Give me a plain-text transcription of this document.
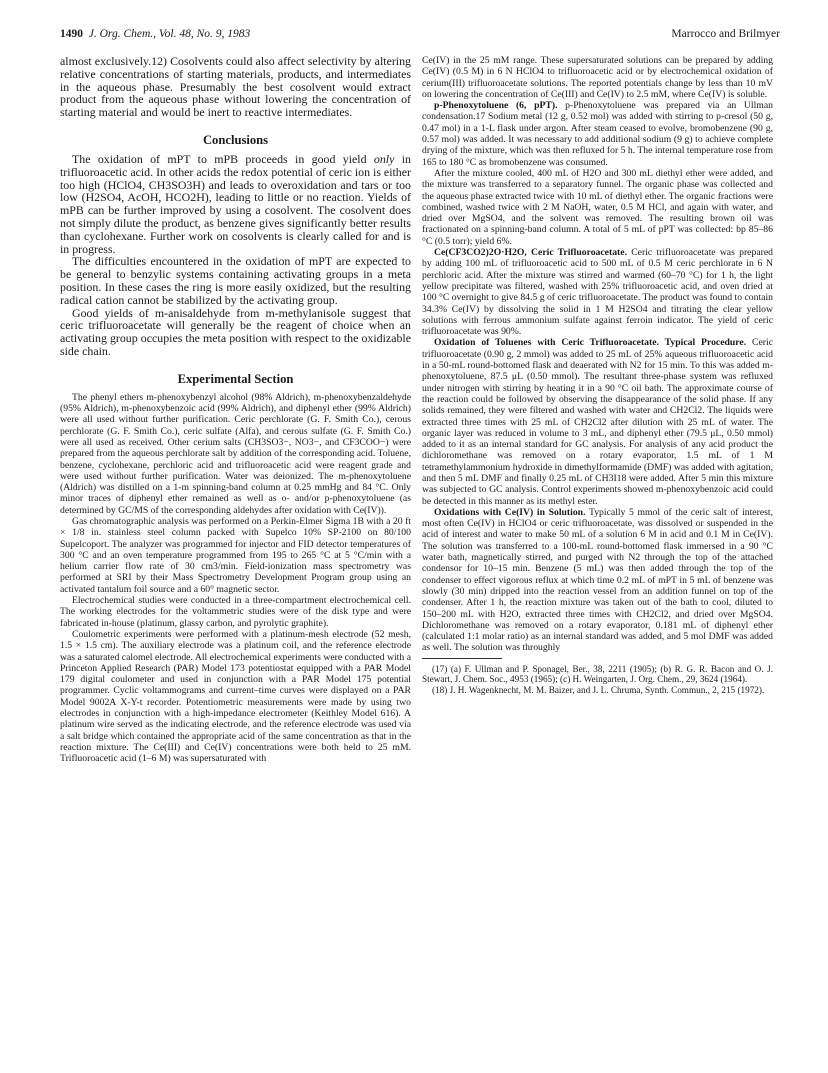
1490 J. Org. Chem., Vol. 48, No. 9, 1983	Marrocco and Brilmyer

almost exclusively.12) Cosolvents could also affect selectivity by altering relative concentrations of starting materials, products, and intermediates in the aqueous phase. Presumably the best cosolvent would extract product from the aqueous phase without lowering the concentration of starting material and would be inert to reactive intermediates.

Conclusions

The oxidation of mPT to mPB proceeds in good yield only in trifluoroacetic acid. In other acids the redox potential of ceric ion is either too high (HClO4, CH3SO3H) and leads to overoxidation and tars or too low (H2SO4, AcOH, HCO2H), leading to little or no reaction. Yields of mPB can be further improved by using a cosolvent. The cosolvent does not simply dilute the product, as benzene gives significantly better results than cyclohexane. Further work on cosolvents is clearly called for and is in progress.

The difficulties encountered in the oxidation of mPT are expected to be general to benzylic systems containing activating groups in a meta position. In these cases the ring is more easily oxidized, but the resulting radical cation cannot be stabilized by the activating group.

Good yields of m-anisaldehyde from m-methylanisole suggest that ceric trifluoroacetate will generally be the reagent of choice when an activating group occupies the meta position with respect to the oxidizable side chain.

Experimental Section

The phenyl ethers m-phenoxybenzyl alcohol (98% Aldrich), m-phenoxybenzaldehyde (95% Aldrich), m-phenoxybenzoic acid (99% Aldrich), and diphenyl ether (99% Aldrich) were all used without further purification. Ceric perchlorate (G. F. Smith Co.), cerous perchlorate (G. F. Smith Co.), ceric sulfate (Alfa), and cerous sulfate (G. F. Smith Co.) were all used as received. Other cerium salts (CH3SO3−, NO3−, and CF3COO−) were prepared from the aqueous perchlorate salt by addition of the corresponding acid. Toluene, benzene, cyclohexane, perchloric acid and trifluoroacetic acid were reagent grade and were used without further purification. Water was deionized. The m-phenoxytoluene (Aldrich) was distilled on a 1-m spinning-band column at 0.25 mmHg and 84 °C. Only minor traces of diphenyl ether remained as well as o- and/or p-phenoxytoluene (as determined by GC/MS of the corresponding aldehydes after oxidation with Ce(IV)).

Gas chromatographic analysis was performed on a Perkin-Elmer Sigma 1B with a 20 ft × 1/8 in. stainless steel column packed with Supelco 10% SP-2100 on 80/100 Supelcoport. The analyzer was programmed for injector and FID detector temperatures of 300 °C and an oven temperature programmed from 195 to 265 °C at 5 °C/min with a helium carrier flow rate of 30 cm3/min. Field-ionization mass spectrometry was performed at SRI by their Mass Spectrometry Development Program group using an activated tantalum foil source and a 60° magnetic sector.

Electrochemical studies were conducted in a three-compartment electrochemical cell. The working electrodes for the voltammetric studies were of the disk type and were fabricated in-house (platinum, glassy carbon, and pyrolytic graphite).

Coulometric experiments were performed with a platinum-mesh electrode (52 mesh, 1.5 × 1.5 cm). The auxiliary electrode was a platinum coil, and the reference electrode was a saturated calomel electrode. All electrochemical experiments were conducted with a Princeton Applied Research (PAR) Model 173 potentiostat equipped with a PAR Model 179 digital coulometer and used in conjunction with a PAR Model 175 potential programmer. Cyclic voltammograms and current–time curves were displayed on a PAR Model 9002A X-Y-t recorder. Potentiometric measurements were made by using two electrodes in conjunction with a high-impedance electrometer (Keithley Model 616). A platinum wire served as the indicating electrode, and the reference electrode was used via a salt bridge which contained the appropriate acid of the same concentration as that in the reaction mixture. The Ce(III) and Ce(IV) concentrations were both held to 25 mM. Trifluoroacetic acid (1–6 M) was supersaturated with

Ce(IV) in the 25 mM range. These supersaturated solutions can be prepared by adding Ce(IV) (0.5 M) in 6 N HClO4 to trifluoroacetic acid or by electrochemical oxidation of cerium(III) trifluoroacetate solutions. The reported potentials change by less than 10 mV on lowering the concentration of Ce(III) and Ce(IV) to 2.5 mM, where Ce(IV) is soluble.

p-Phenoxytoluene (6, pPT). p-Phenoxytoluene was prepared via an Ullman condensation.17 Sodium metal (12 g, 0.52 mol) was added with stirring to p-cresol (50 g, 0.47 mol) in a 1-L flask under argon. After steam ceased to evolve, bromobenzene (90 g, 0.57 mol) was added. It was necessary to add additional sodium (9 g) to achieve complete drying of the mixture, which was then refluxed for 5 h. The internal temperature rose from 165 to 180 °C as bromobenzene was consumed.

After the mixture cooled, 400 mL of H2O and 300 mL diethyl ether were added, and the mixture was transferred to a separatory funnel. The organic phase was collected and the aqueous phase extracted twice with 10 mL of diethyl ether. The organic fractions were combined, washed twice with 2 M NaOH, water, 0.5 M HCl, and again with water, and dried over MgSO4, and the solvent was removed. The resulting brown oil was fractionated on a spinning-band column. A total of 5 mL of pPT was collected: bp 85–86 °C (0.5 torr); yield 6%.

Ce(CF3CO2)2O·H2O, Ceric Trifluoroacetate. Ceric trifluoroacetate was prepared by adding 100 mL of trifluoroacetic acid to 500 mL of 0.5 M ceric perchlorate in 6 N perchloric acid. After the mixture was stirred and warmed (60–70 °C) for 1 h, the light yellow precipitate was filtered, washed with 25% trifluoroacetic acid, and oven dried at 100 °C overnight to give 84.5 g of ceric trifluoroacetate. The product was found to contain 34.3% Ce(IV) by dissolving the solid in 1 M H2SO4 and titrating the clear yellow solutions with ferrous ammonium sulfate against ferroin indicator. The yield of ceric trifluoroacetate was 90%.

Oxidation of Toluenes with Ceric Trifluoroacetate. Typical Procedure. Ceric trifluoroacetate (0.90 g, 2 mmol) was added to 25 mL of 25% aqueous trifluoroacetic acid in a 50-mL round-bottomed flask and deaerated with N2 for 15 min. To this was added m-phenoxytoluene, 87.5 μL (0.50 mmol). The resultant three-phase system was refluxed under nitrogen with stirring by heating it in a 90 °C oil bath. The approximate course of the reaction could be followed by observing the disappearance of the solid phase. If any solids remained, they were filtered and washed with water and CH2Cl2. The liquids were extracted three times with 25 mL of CH2Cl2 after dilution with 25 mL of water. The organic layer was reduced in volume to 3 mL, and diphenyl ether (79.5 μL, 0.50 mmol) added to it as an internal standard for GC analysis. For analysis of any acid product the dichloromethane was removed on a rotary evaporator, 1.5 mL of 1 M tetramethylammonium hydroxide in dimethylformamide (DMF) was added with agitation, and then 5 mL DMF and finally 0.25 mL of CH3I18 were added. After 5 min this mixture was subjected to GC analysis. Control experiments showed m-phenoxybenzoic acid could be detected in this manner as its methyl ester.

Oxidations with Ce(IV) in Solution. Typically 5 mmol of the ceric salt of interest, most often Ce(IV) in HClO4 or ceric trifluoroacetate, was dissolved or suspended in the acid of interest and water to make 50 mL of a solution 6 M in acid and 0.1 M in Ce(IV). The solution was transferred to a 100-mL round-bottomed flask immersed in a 90 °C water bath, magnetically stirred, and purged with N2 through the top of the attached condensor for 10–15 min. Benzene (5 mL) was then added through the top of the condenser to effect vigorous reflux at which time 0.2 mL of mPT in 5 mL of benzene was slowly (30 min) dripped into the reaction vessel from an addition funnel on top of the condenser. After 1 h, the reaction mixture was taken out of the bath to cool, diluted to 150–200 mL with H2O, extracted three times with CH2Cl2, and dried over MgSO4. Dichloromethane was removed on a rotary evaporator, 0.181 mL of diphenyl ether (calculated 1:1 molar ratio) as an internal standard was added, and 5 mol DMF was added as well. The solution was throughly

(17) (a) F. Ullman and P. Sponagel, Ber., 38, 2211 (1905); (b) R. G. R. Bacon and O. J. Stewart, J. Chem. Soc., 4953 (1965); (c) H. Weingarten, J. Org. Chem., 29, 3624 (1964).

(18) J. H. Wagenknecht, M. M. Baizer, and J. L. Chruma, Synth. Commun., 2, 215 (1972).
